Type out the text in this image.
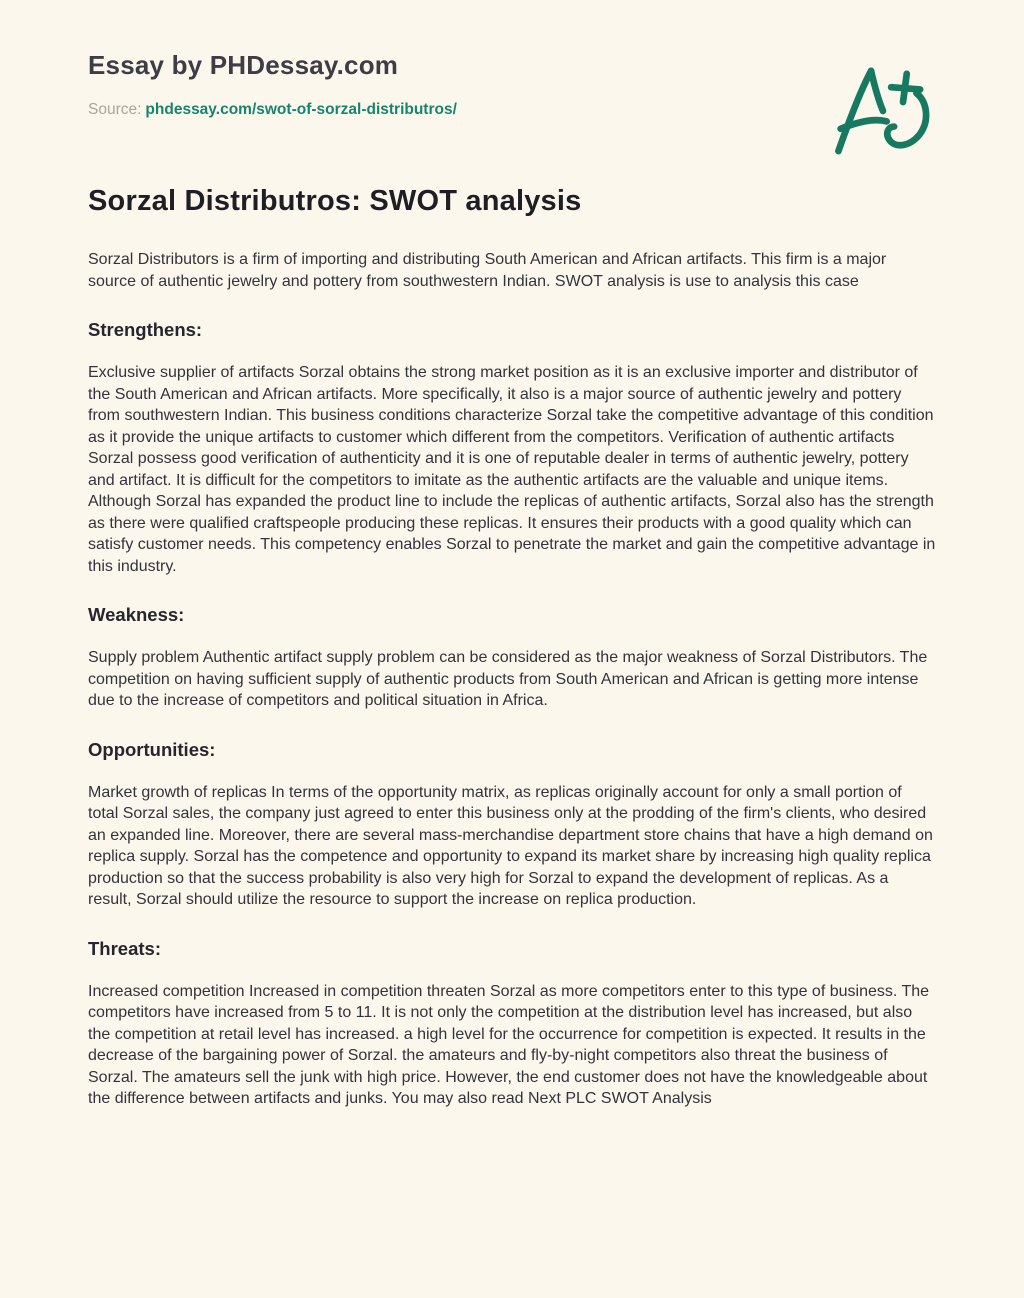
Essay by PHDessay.com
Source: phdessay.com/swot-of-sorzal-distributros/
Sorzal Distributros: SWOT analysis

Sorzal Distributors is a firm of importing and distributing South American and African artifacts. This firm is a major source of authentic jewelry and pottery from southwestern Indian. SWOT analysis is use to analysis this case

Strengthens:

Exclusive supplier of artifacts Sorzal obtains the strong market position as it is an exclusive importer and distributor of the South American and African artifacts. More specifically, it also is a major source of authentic jewelry and pottery from southwestern Indian. This business conditions characterize Sorzal take the competitive advantage of this condition as it provide the unique artifacts to customer which different from the competitors. Verification of authentic artifacts Sorzal possess good verification of authenticity and it is one of reputable dealer in terms of authentic jewelry, pottery and artifact. It is difficult for the competitors to imitate as the authentic artifacts are the valuable and unique items. Although Sorzal has expanded the product line to include the replicas of authentic artifacts, Sorzal also has the strength as there were qualified craftspeople producing these replicas. It ensures their products with a good quality which can satisfy customer needs. This competency enables Sorzal to penetrate the market and gain the competitive advantage in this industry.

Weakness:

Supply problem Authentic artifact supply problem can be considered as the major weakness of Sorzal Distributors. The competition on having sufficient supply of authentic products from South American and African is getting more intense due to the increase of competitors and political situation in Africa.

Opportunities:

Market growth of replicas In terms of the opportunity matrix, as replicas originally account for only a small portion of total Sorzal sales, the company just agreed to enter this business only at the prodding of the firm's clients, who desired an expanded line. Moreover, there are several mass-merchandise department store chains that have a high demand on replica supply. Sorzal has the competence and opportunity to expand its market share by increasing high quality replica production so that the success probability is also very high for Sorzal to expand the development of replicas. As a result, Sorzal should utilize the resource to support the increase on replica production.

Threats:

Increased competition Increased in competition threaten Sorzal as more competitors enter to this type of business. The competitors have increased from 5 to 11. It is not only the competition at the distribution level has increased, but also the competition at retail level has increased. a high level for the occurrence for competition is expected. It results in the decrease of the bargaining power of Sorzal. the amateurs and fly-by-night competitors also threat the business of Sorzal. The amateurs sell the junk with high price. However, the end customer does not have the knowledgeable about the difference between artifacts and junks. You may also read Next PLC SWOT Analysis
